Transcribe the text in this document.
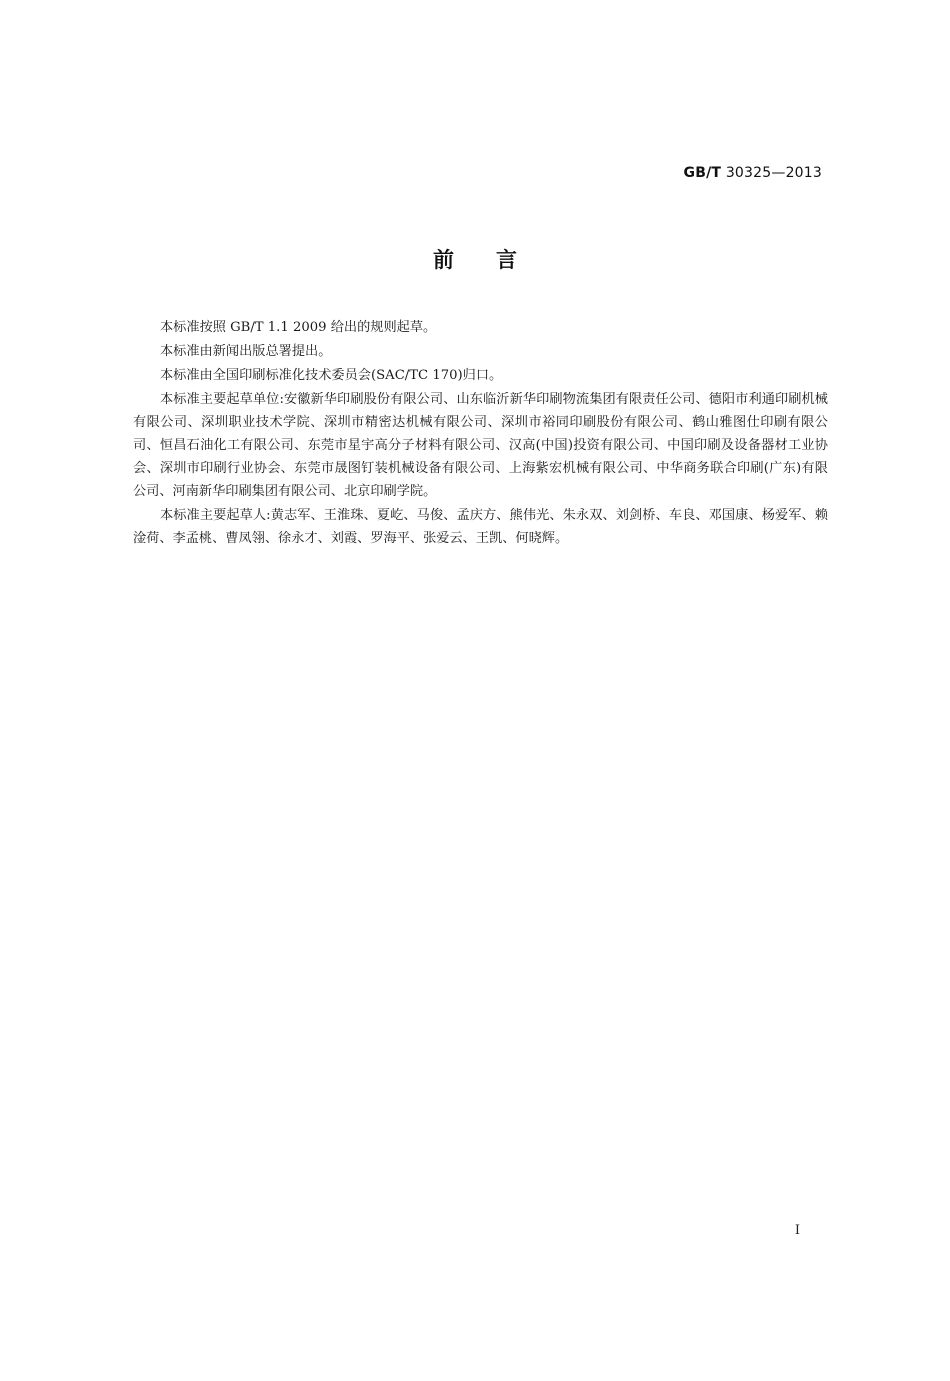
GB/T 30325—2013
前言

本标准按照 GB/T 1.1 2009 给出的规则起草。

本标准由新闻出版总署提出。

本标准由全国印刷标准化技术委员会(SAC/TC 170)归口。

本标准主要起草单位:安徽新华印刷股份有限公司、山东临沂新华印刷物流集团有限责任公司、德阳市利通印刷机械有限公司、深圳职业技术学院、深圳市精密达机械有限公司、深圳市裕同印刷股份有限公司、鹤山雅图仕印刷有限公司、恒昌石油化工有限公司、东莞市星宇高分子材料有限公司、汉高(中国)投资有限公司、中国印刷及设备器材工业协会、深圳市印刷行业协会、东莞市晟图钉装机械设备有限公司、上海紫宏机械有限公司、中华商务联合印刷(广东)有限公司、河南新华印刷集团有限公司、北京印刷学院。

本标准主要起草人:黄志军、王淮珠、夏屹、马俊、孟庆方、熊伟光、朱永双、刘剑桥、车良、邓国康、杨爱军、赖淦荷、李孟桃、曹凤翎、徐永才、刘霞、罗海平、张爱云、王凯、何晓辉。

I
